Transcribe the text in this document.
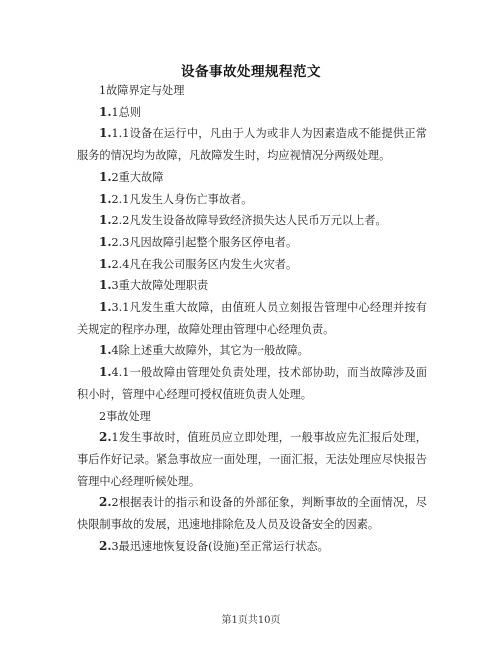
设备事故处理规程范文

1故障界定与处理

1.1总则

1.1.1设备在运行中，凡由于人为或非人为因素造成不能提供正常服务的情况均为故障，凡故障发生时，均应视情况分两级处理。

1.2重大故障

1.2.1凡发生人身伤亡事故者。

1.2.2凡发生设备故障导致经济损失达人民币万元以上者。

1.2.3凡因故障引起整个服务区停电者。

1.2.4凡在我公司服务区内发生火灾者。

1.3重大故障处理职责

1.3.1凡发生重大故障，由值班人员立刻报告管理中心经理并按有关规定的程序办理，故障处理由管理中心经理负责。

1.4除上述重大故障外，其它为一般故障。

1.4.1一般故障由管理处负责处理，技术部协助，而当故障涉及面积小时，管理中心经理可授权值班负责人处理。

2事故处理

2.1发生事故时，值班员应立即处理，一般事故应先汇报后处理，事后作好记录。紧急事故应一面处理，一面汇报，无法处理应尽快报告管理中心经理听候处理。

2.2根据表计的指示和设备的外部征象，判断事故的全面情况，尽快限制事故的发展，迅速地排除危及人员及设备安全的因素。

2.3最迅速地恢复设备(设施)至正常运行状态。

第1页共10页
